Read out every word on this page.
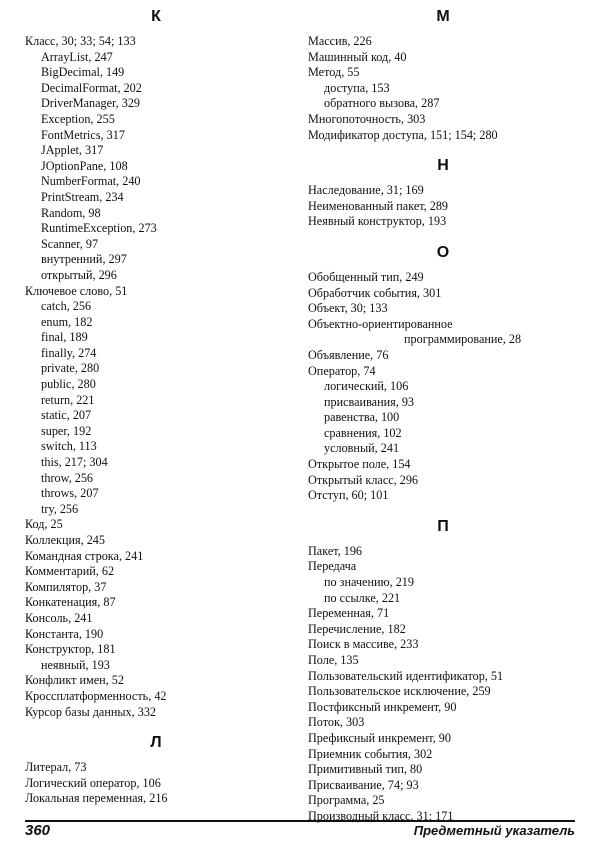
К
Класс, 30; 33; 54; 133
ArrayList, 247
BigDecimal, 149
DecimalFormat, 202
DriverManager, 329
Exception, 255
FontMetrics, 317
JApplet, 317
JOptionPane, 108
NumberFormat, 240
PrintStream, 234
Random, 98
RuntimeException, 273
Scanner, 97
внутренний, 297
открытый, 296
Ключевое слово, 51
catch, 256
enum, 182
final, 189
finally, 274
private, 280
public, 280
return, 221
static, 207
super, 192
switch, 113
this, 217; 304
throw, 256
throws, 207
try, 256
Код, 25
Коллекция, 245
Командная строка, 241
Комментарий, 62
Компилятор, 37
Конкатенация, 87
Консоль, 241
Константа, 190
Конструктор, 181
неявный, 193
Конфликт имен, 52
Кроссплатформенность, 42
Курсор базы данных, 332
Л
Литерал, 73
Логический оператор, 106
Локальная переменная, 216
М
Массив, 226
Машинный код, 40
Метод, 55
доступа, 153
обратного вызова, 287
Многопоточность, 303
Модификатор доступа, 151; 154; 280
Н
Наследование, 31; 169
Неименованный пакет, 289
Неявный конструктор, 193
О
Обобщенный тип, 249
Обработчик события, 301
Объект, 30; 133
Объектно-ориентированное
программирование, 28
Объявление, 76
Оператор, 74
логический, 106
присваивания, 93
равенства, 100
сравнения, 102
условный, 241
Открытое поле, 154
Открытый класс, 296
Отступ, 60; 101
П
Пакет, 196
Передача
по значению, 219
по ссылке, 221
Переменная, 71
Перечисление, 182
Поиск в массиве, 233
Поле, 135
Пользовательский идентификатор, 51
Пользовательское исключение, 259
Постфиксный инкремент, 90
Поток, 303
Префиксный инкремент, 90
Приемник события, 302
Примитивный тип, 80
Присваивание, 74; 93
Программа, 25
Производный класс, 31; 171
360	Предметный указатель
